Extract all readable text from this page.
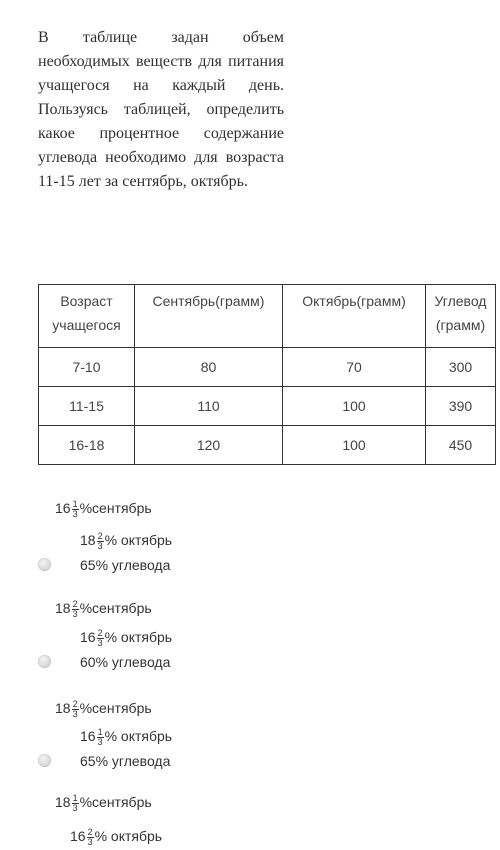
В таблице задан объем необходимых веществ для питания учащегося на каждый день. Пользуясь таблицей, определить какое процентное содержание углевода необходимо для возраста 11-15 лет за сентябрь, октябрь.
Возраст учащегося	Сентябрь(грамм)	Октябрь(грамм)	Углевод (грамм)
7-10	80	70	300
11-15	110	100	390
16-18	120	100	450
$16 \frac{1}{3}$ %сентябрь
$18 \frac{2}{3}$ % октябрь
65% углевода
$18 \frac{2}{3}$ %сентябрь
$16 \frac{2}{3}$ % октябрь
60% углевода
$18 \frac{2}{3}$ %сентябрь
$16 \frac{1}{3}$ % октябрь
65% углевода
$18 \frac{1}{3}$ %сентябрь
$16 \frac{2}{3}$ % октябрь
